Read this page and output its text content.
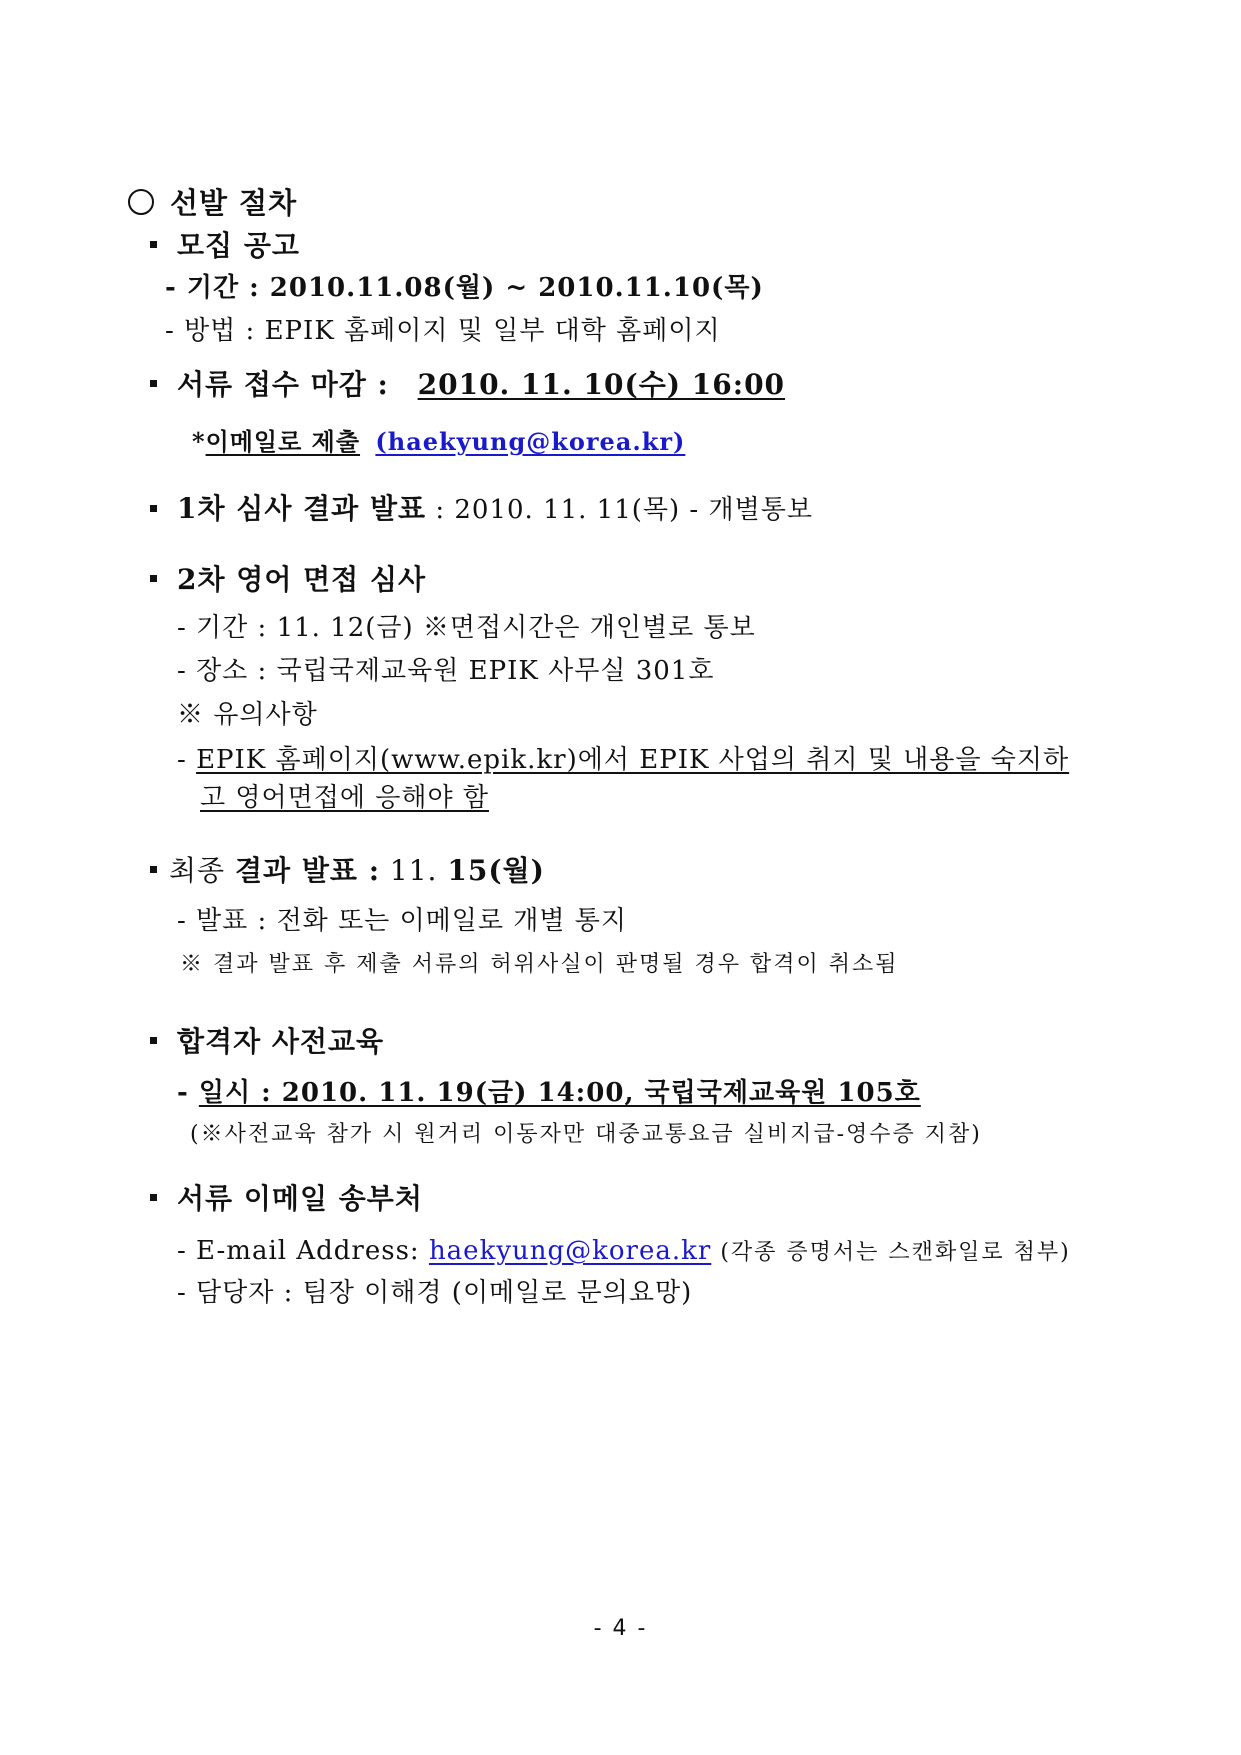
선발 절차
모집 공고
- 기간 : 2010.11.08(월) ~ 2010.11.10(목)
- 방법 : EPIK 홈페이지 및 일부 대학 홈페이지
서류 접수 마감 : 2010. 11. 10(수) 16:00
*이메일로 제출 (haekyung@korea.kr)
1차 심사 결과 발표 : 2010. 11. 11(목) - 개별통보
2차 영어 면접 심사
- 기간 : 11. 12(금) ※면접시간은 개인별로 통보
- 장소 : 국립국제교육원 EPIK 사무실 301호
※ 유의사항
- EPIK 홈페이지(www.epik.kr)에서 EPIK 사업의 취지 및 내용을 숙지하
고 영어면접에 응해야 함
최종 결과 발표 : 11. 15(월)
- 발표 : 전화 또는 이메일로 개별 통지
※ 결과 발표 후 제출 서류의 허위사실이 판명될 경우 합격이 취소됨
합격자 사전교육
- 일시 : 2010. 11. 19(금) 14:00, 국립국제교육원 105호
(※사전교육 참가 시 원거리 이동자만 대중교통요금 실비지급-영수증 지참)
서류 이메일 송부처
- E-mail Address: haekyung@korea.kr (각종 증명서는 스캔화일로 첨부)
- 담당자 : 팀장 이해경 (이메일로 문의요망)
- 4 -
